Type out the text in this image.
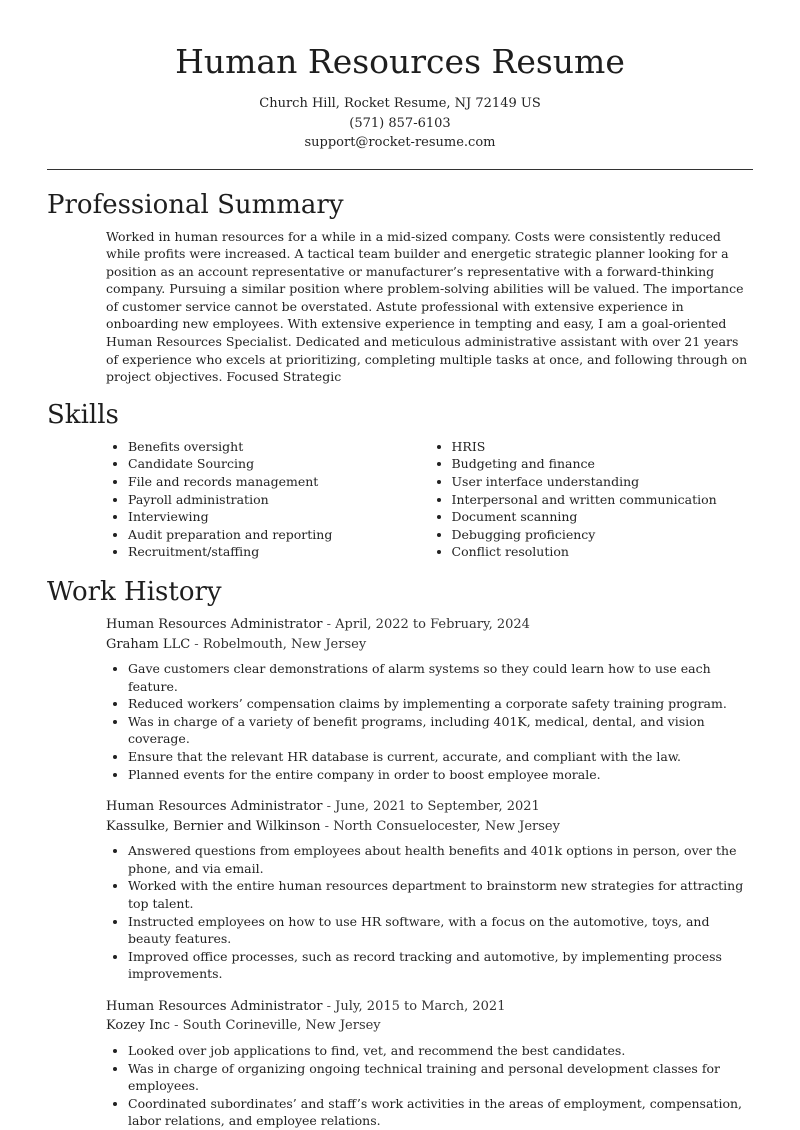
Human Resources Resume
Church Hill, Rocket Resume, NJ 72149 US
(571) 857-6103
support@rocket-resume.com
Professional Summary

Worked in human resources for a while in a mid-sized company. Costs were consistently reduced while profits were increased. A tactical team builder and energetic strategic planner looking for a position as an account representative or manufacturer’s representative with a forward-thinking company. Pursuing a similar position where problem-solving abilities will be valued. The importance of customer service cannot be overstated. Astute professional with extensive experience in onboarding new employees. With extensive experience in tempting and easy, I am a goal-oriented Human Resources Specialist. Dedicated and meticulous administrative assistant with over 21 years of experience who excels at prioritizing, completing multiple tasks at once, and following through on project objectives. Focused Strategic

Skills
• Benefits oversight
• Candidate Sourcing
• File and records management
• Payroll administration
• Interviewing
• Audit preparation and reporting
• Recruitment/staffing
• HRIS
• Budgeting and finance
• User interface understanding
• Interpersonal and written communication
• Document scanning
• Debugging proficiency
• Conflict resolution
Work History
Human Resources Administrator - April, 2022 to February, 2024
Graham LLC - Robelmouth, New Jersey
• Gave customers clear demonstrations of alarm systems so they could learn how to use each feature.
• Reduced workers’ compensation claims by implementing a corporate safety training program.
• Was in charge of a variety of benefit programs, including 401K, medical, dental, and vision coverage.
• Ensure that the relevant HR database is current, accurate, and compliant with the law.
• Planned events for the entire company in order to boost employee morale.
Human Resources Administrator - June, 2021 to September, 2021
Kassulke, Bernier and Wilkinson - North Consuelocester, New Jersey
• Answered questions from employees about health benefits and 401k options in person, over the phone, and via email.
• Worked with the entire human resources department to brainstorm new strategies for attracting top talent.
• Instructed employees on how to use HR software, with a focus on the automotive, toys, and beauty features.
• Improved office processes, such as record tracking and automotive, by implementing process improvements.
Human Resources Administrator - July, 2015 to March, 2021
Kozey Inc - South Corineville, New Jersey
• Looked over job applications to find, vet, and recommend the best candidates.
• Was in charge of organizing ongoing technical training and personal development classes for employees.
• Coordinated subordinates’ and staff’s work activities in the areas of employment, compensation, labor relations, and employee relations.
